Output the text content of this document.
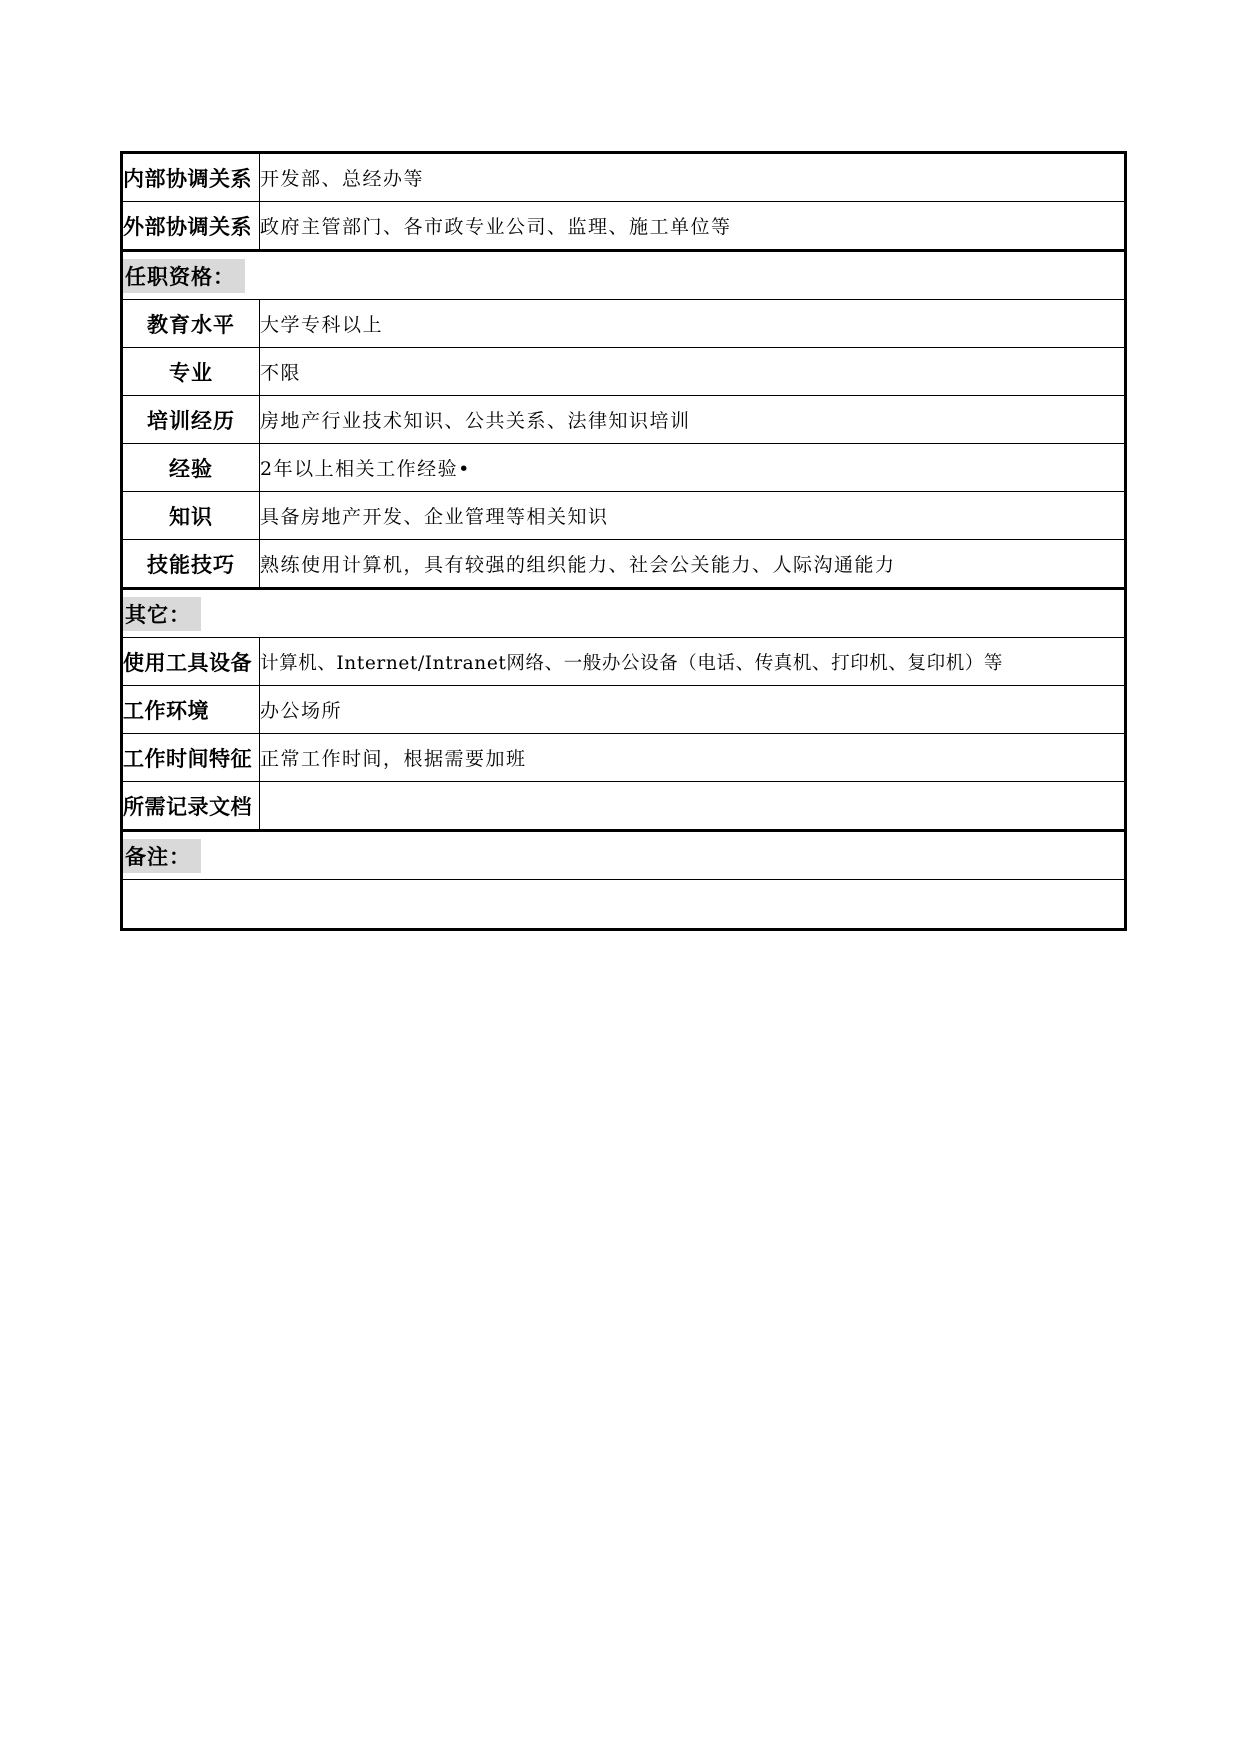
内部协调关系	开发部、总经办等
外部协调关系	政府主管部门、各市政专业公司、监理、施工单位等
任职资格：	
教育水平	大学专科以上
专业	不限
培训经历	房地产行业技术知识、公共关系、法律知识培训
经验	2年以上相关工作经验•
知识	具备房地产开发、企业管理等相关知识
技能技巧	熟练使用计算机，具有较强的组织能力、社会公关能力、人际沟通能力
其它：	
使用工具设备	计算机、Internet/Intranet网络、一般办公设备（电话、传真机、打印机、复印机）等
工作环境	办公场所
工作时间特征	正常工作时间，根据需要加班
所需记录文档	
备注：	
